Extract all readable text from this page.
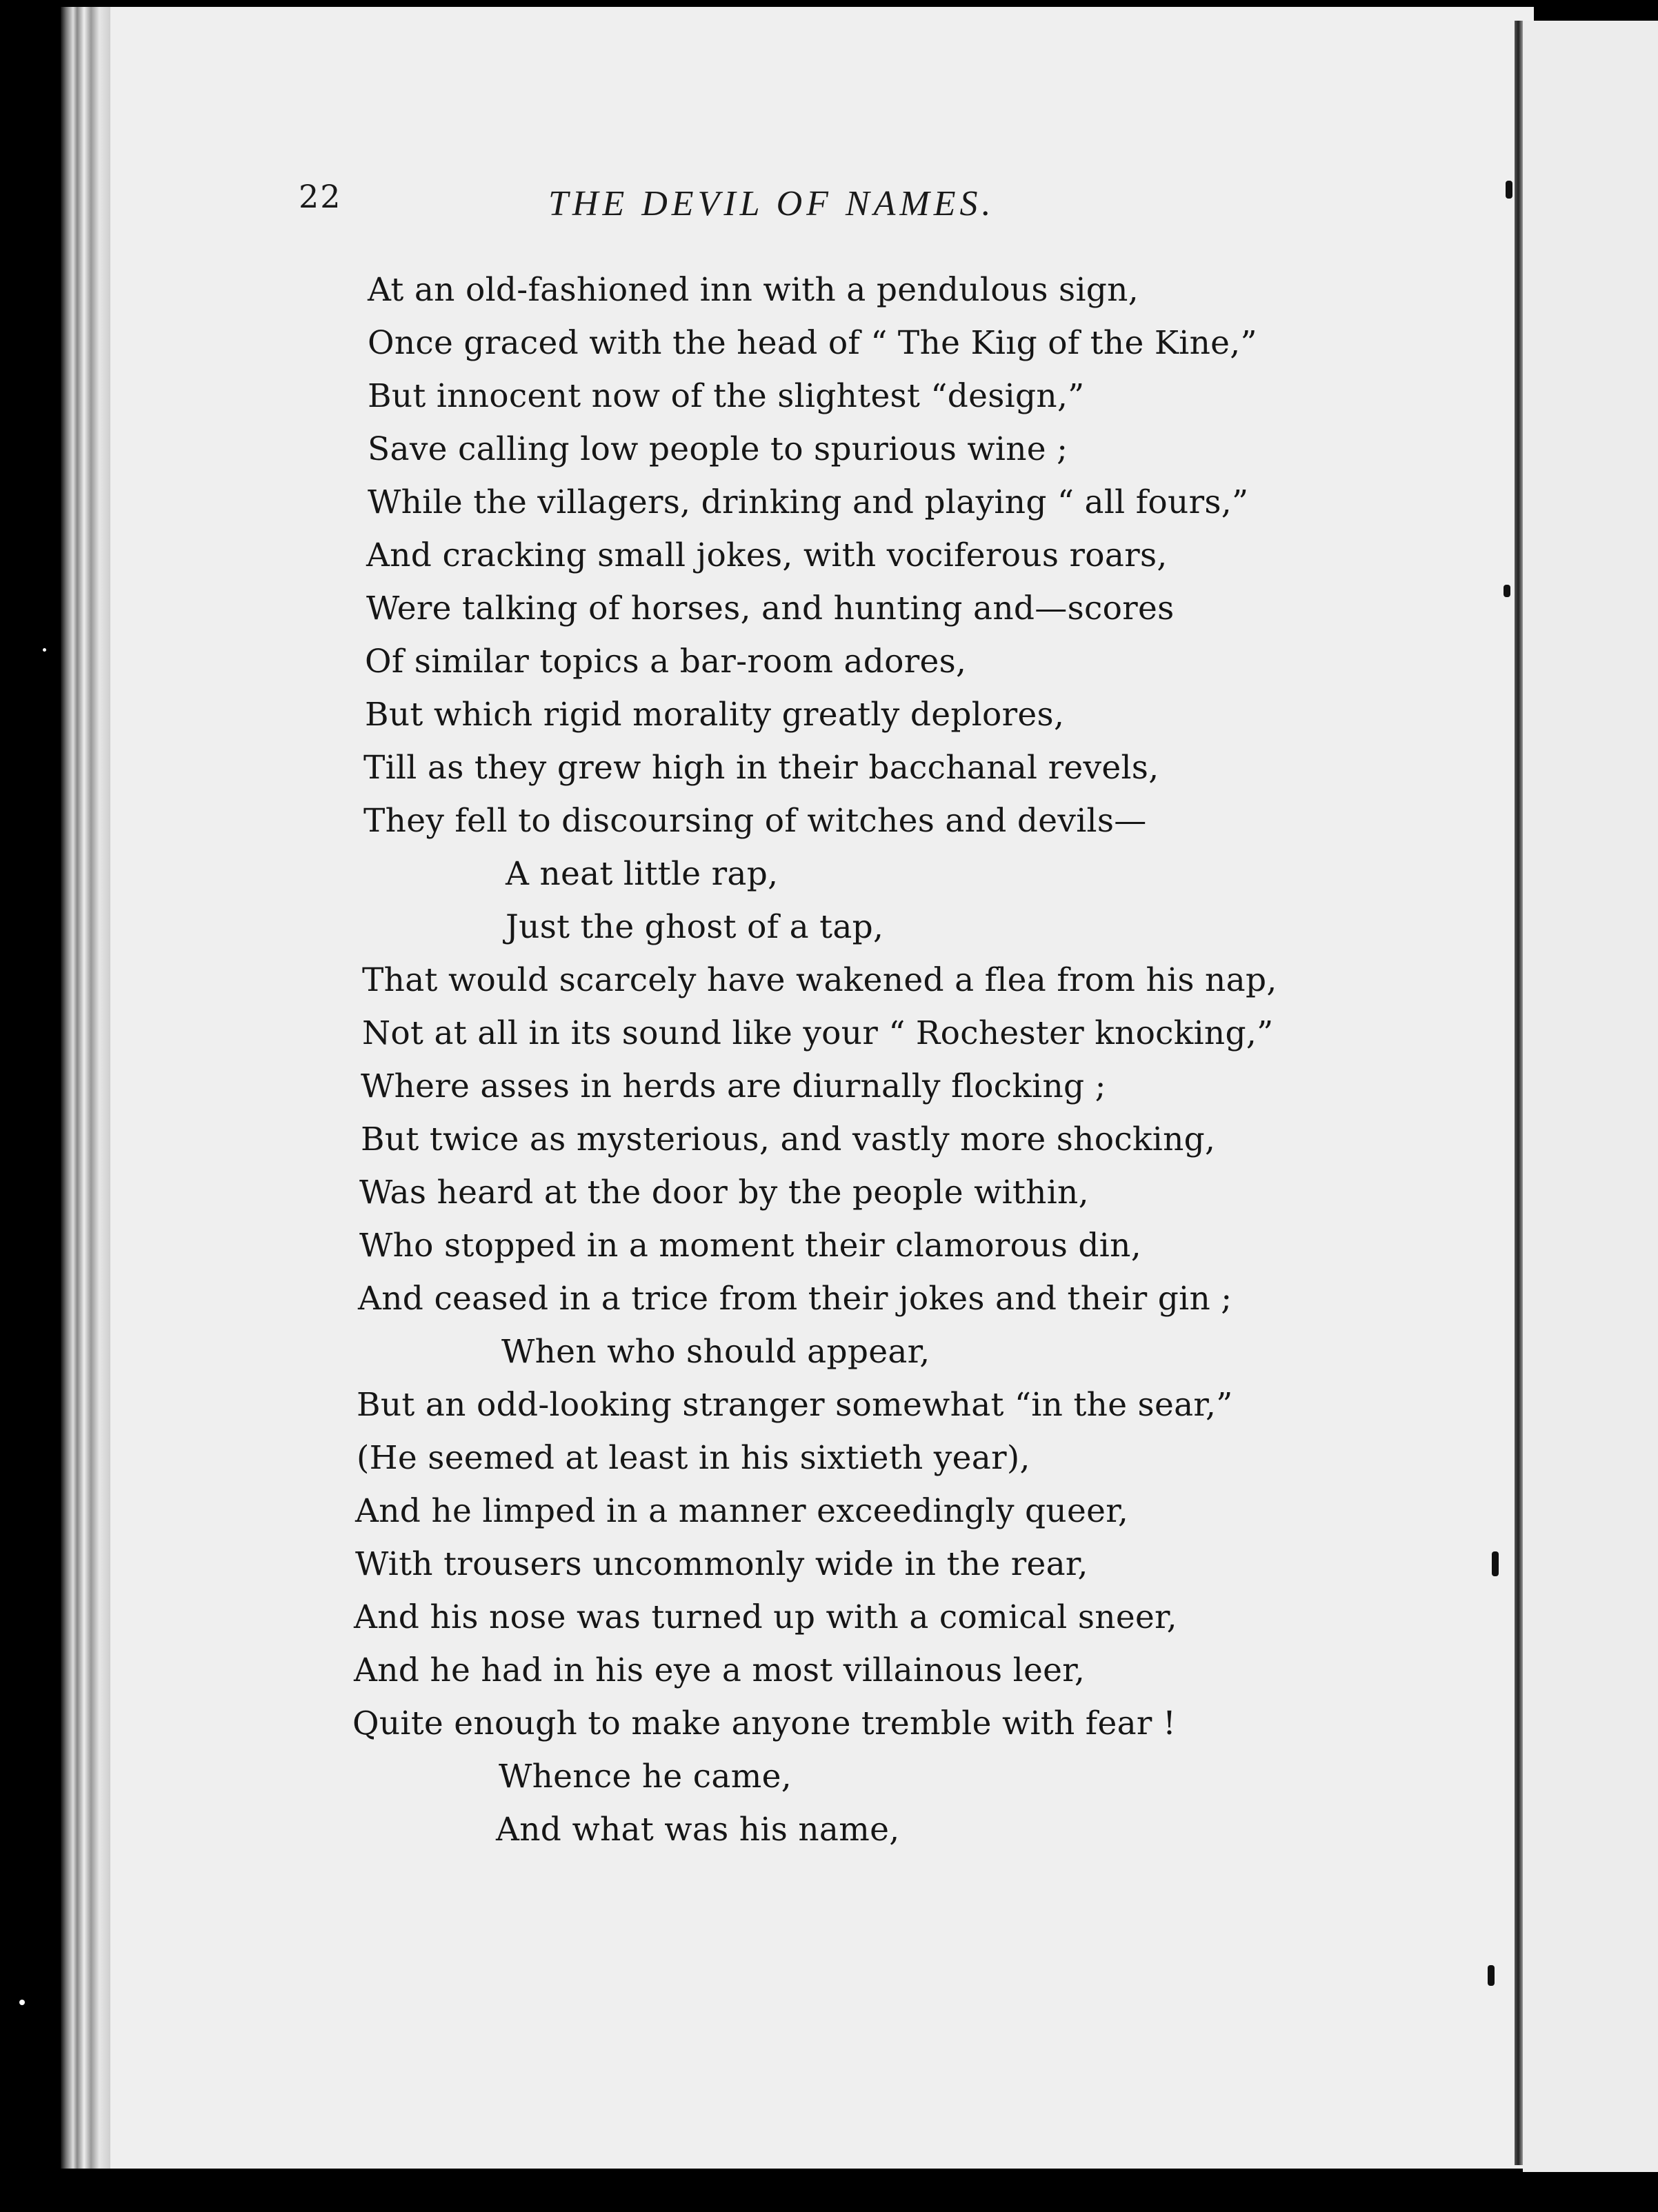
22	THE DEVIL OF NAMES.
At an old-fashioned inn with a pendulous sign,
Once graced with the head of “ The Kiıg of the Kine,”
But innocent now of the slightest “design,”
Save calling low people to spurious wine ;
While the villagers, drinking and playing “ all fours,”
And cracking small jokes, with vociferous roars,
Were talking of horses, and hunting and—scores
Of similar topics a bar-room adores,
But which rigid morality greatly deplores,
Till as they grew high in their bacchanal revels,
They fell to discoursing of witches and devils—
A neat little rap,
Just the ghost of a tap,
That would scarcely have wakened a flea from his nap,
Not at all in its sound like your “ Rochester knocking,”
Where asses in herds are diurnally flocking ;
But twice as mysterious, and vastly more shocking,
Was heard at the door by the people within,
Who stopped in a moment their clamorous din,
And ceased in a trice from their jokes and their gin ;
When who should appear,
But an odd-looking stranger somewhat “in the sear,”
(He seemed at least in his sixtieth year),
And he limped in a manner exceedingly queer,
With trousers uncommonly wide in the rear,
And his nose was turned up with a comical sneer,
And he had in his eye a most villainous leer,
Quite enough to make anyone tremble with fear !
Whence he came,
And what was his name,
